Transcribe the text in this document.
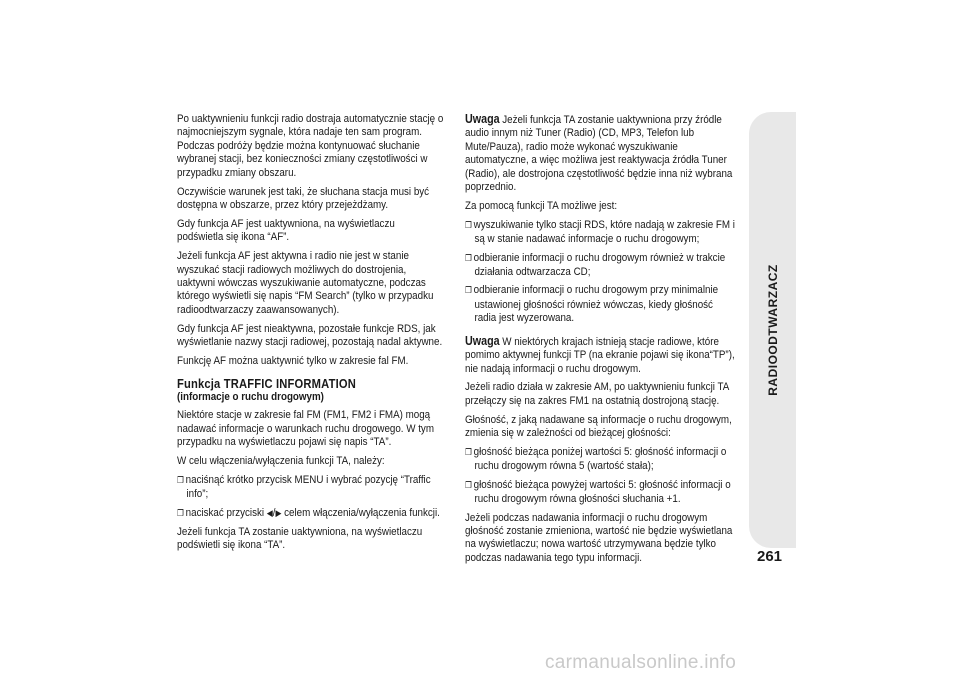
Po uaktywnieniu funkcji radio dostraja automatycznie stację o najmocniejszym sygnale, która nadaje ten sam program. Podczas podróży będzie można kontynuować słuchanie wybranej stacji, bez konieczności zmiany częstotliwości w przypadku zmiany obszaru.

Oczywiście warunek jest taki, że słuchana stacja musi być dostępna w obszarze, przez który przejeżdżamy.

Gdy funkcja AF jest uaktywniona, na wyświetlaczu podświetla się ikona “AF”.

Jeżeli funkcja AF jest aktywna i radio nie jest w stanie wyszukać stacji radiowych możliwych do dostrojenia, uaktywni wówczas wyszukiwanie automatyczne, podczas którego wyświetli się napis “FM Search” (tylko w przypadku radioodtwarzaczy zaawansowanych).

Gdy funkcja AF jest nieaktywna, pozostałe funkcje RDS, jak wyświetlanie nazwy stacji radiowej, pozostają nadal aktywne.

Funkcję AF można uaktywnić tylko w zakresie fal FM.

Funkcja TRAFFIC INFORMATION
(informacje o ruchu drogowym)

Niektóre stacje w zakresie fal FM (FM1, FM2 i FMA) mogą nadawać informacje o warunkach ruchu drogowego. W tym przypadku na wyświetlaczu pojawi się napis “TA”.

W celu włączenia/wyłączenia funkcji TA, należy:

❐ naciśnąć krótko przycisk MENU i wybrać pozycję “Traffic info”;
❐ naciskać przyciski ◀/▶ celem włączenia/wyłączenia funkcji.

Jeżeli funkcja TA zostanie uaktywniona, na wyświetlaczu podświetli się ikona “TA”.

Uwaga Jeżeli funkcja TA zostanie uaktywniona przy źródle audio innym niż Tuner (Radio) (CD, MP3, Telefon lub Mute/Pauza), radio może wykonać wyszukiwanie automatyczne, a więc możliwa jest reaktywacja źródła Tuner (Radio), ale dostrojona częstotliwość będzie inna niż wybrana poprzednio.

Za pomocą funkcji TA możliwe jest:

❐ wyszukiwanie tylko stacji RDS, które nadają w zakresie FM i są w stanie nadawać informacje o ruchu drogowym;
❐ odbieranie informacji o ruchu drogowym również w trakcie działania odtwarzacza CD;
❐ odbieranie informacji o ruchu drogowym przy minimalnie ustawionej głośności również wówczas, kiedy głośność radia jest wyzerowana.

Uwaga W niektórych krajach istnieją stacje radiowe, które pomimo aktywnej funkcji TP (na ekranie pojawi się ikona“TP”), nie nadają informacji o ruchu drogowym.

Jeżeli radio działa w zakresie AM, po uaktywnieniu funkcji TA przełączy się na zakres FM1 na ostatnią dostrojoną stację.

Głośność, z jaką nadawane są informacje o ruchu drogowym, zmienia się w zależności od bieżącej głośności:

❐ głośność bieżąca poniżej wartości 5: głośność informacji o ruchu drogowym równa 5 (wartość stała);
❐ głośność bieżąca powyżej wartości 5: głośność informacji o ruchu drogowym równa głośności słuchania +1.

Jeżeli podczas nadawania informacji o ruchu drogowym głośność zostanie zmieniona, wartość nie będzie wyświetlana na wyświetlaczu; nowa wartość utrzymywana będzie tylko podczas nadawania tego typu informacji.

RADIOODTWARZACZ
261
carmanualsonline.info
